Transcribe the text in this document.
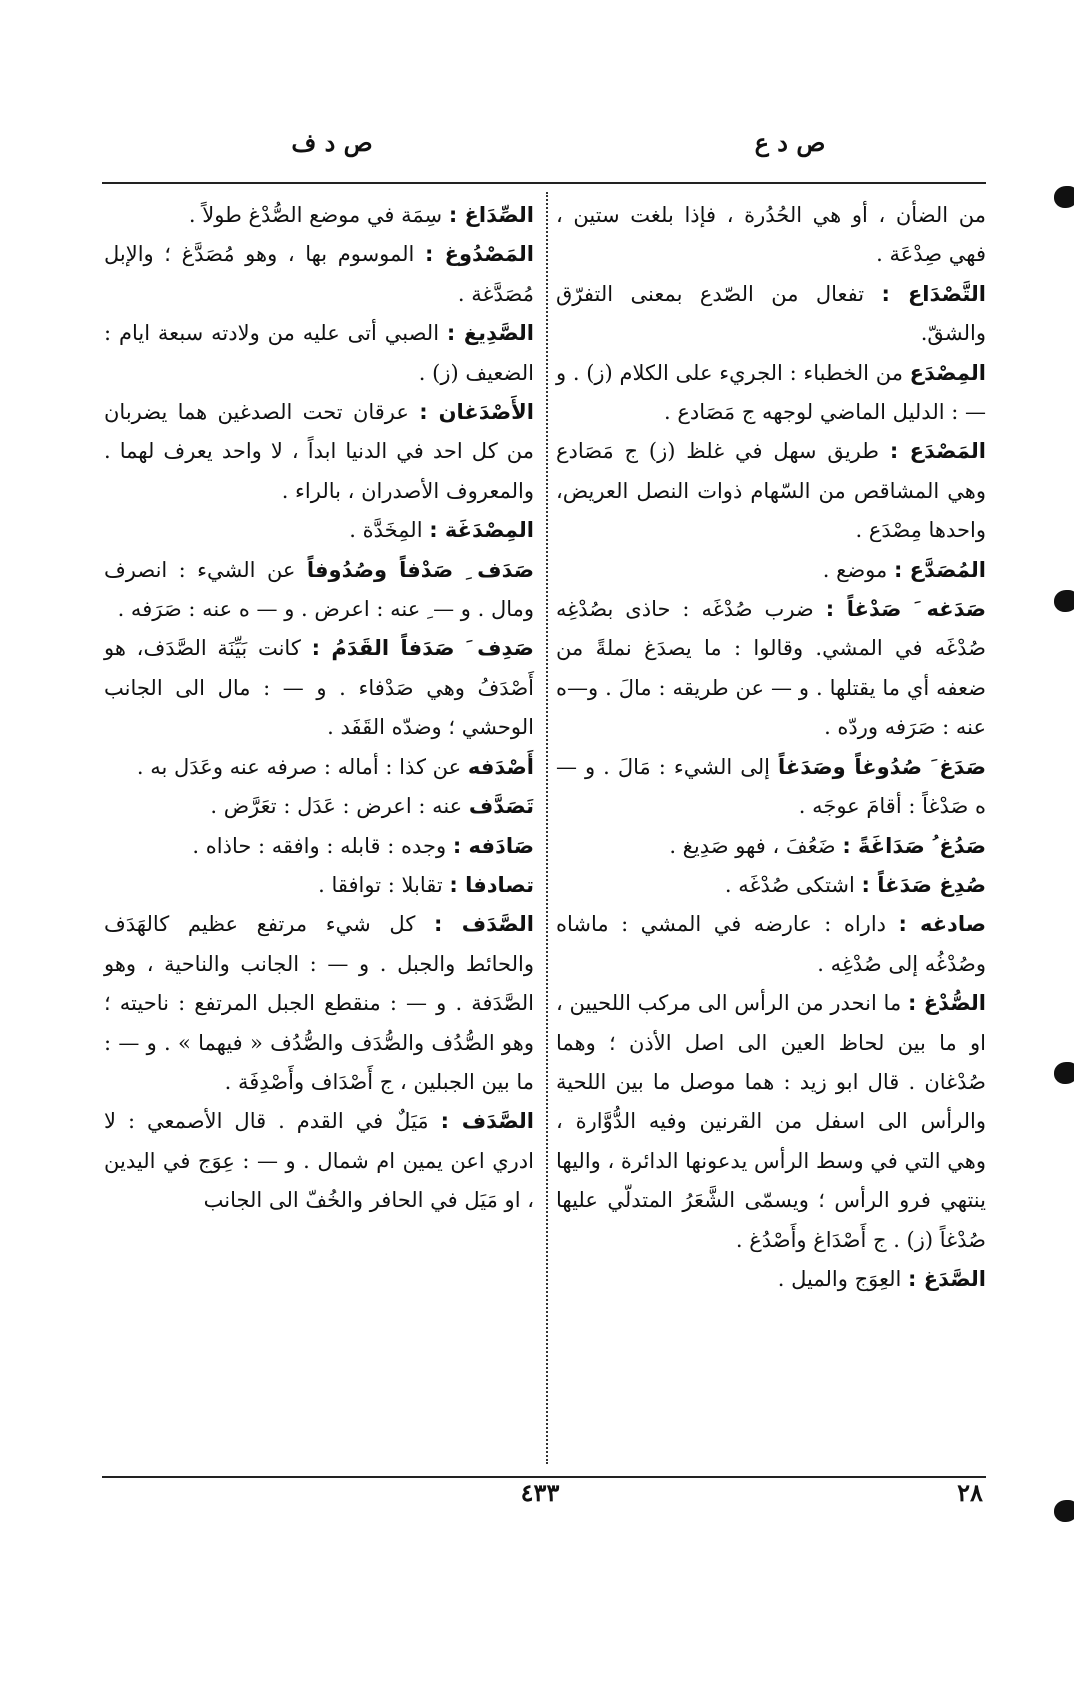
ص د ع
ص د ف

من الضأن ، أو هي الحُدُرة ، فإذا بلغت ستين ، فهي صِدْعَة .

التَّصْدَاع : تفعال من الصّدع بمعنى التفرّق والشقّ.

المِصْدَع من الخطباء : الجريء على الكلام (ز) . و — : الدليل الماضي لوجهه ج مَصَادع .

المَصْدَع : طريق سهل في غلظ (ز) ج مَصَادع وهي المشاقص من السّهام ذوات النصل العريض، واحدها مِصْدَع .

المُصَدَّع : موضع .

صَدَغه َ صَدْغاً : ضرب صُدْغَه : حاذى بصُدْغِه صُدْغَه في المشي. وقالوا : ما يصدَغ نملةً من ضعفه أي ما يقتلها . و — عن طريقه : مالَ . و—ه عنه : صَرَفه وردّه .

صَدَغ َ صُدُوغاً وصَدَغاً إلى الشيء : مَالَ . و — ه صَدْغاً : أقامَ عوجَه .

صَدُغ ُ صَدَاغَةً : ضَعُفَ ، فهو صَدِيغ .

صُدِغ صَدَغاً : اشتكى صُدْغَه .

صادغه : داراه : عارضه في المشي : ماشاه وصُدْغُه إلى صُدْغِه .

الصُّدْغ : ما انحدر من الرأس الى مركب اللحيين ، او ما بين لحاظ العين الى اصل الأذن ؛ وهما صُدْغان . قال ابو زيد : هما موصل ما بين اللحية والرأس الى اسفل من القرنين وفيه الدُّوَّارة ، وهي التي في وسط الرأس يدعونها الدائرة ، واليها ينتهي فرو الرأس ؛ ويسمّى الشَّعَرُ المتدلّي عليها صُدْغاً (ز) . ج أَصْدَاغ وأَصْدُغ .

الصَّدَغ : العِوَج والميل .

الصِّدَاغ : سِمَة في موضع الصُّدْغ طولاً .

المَصْدُوغ : الموسوم بها ، وهو مُصَدَّغ ؛ والإبل مُصَدَّغة .

الصَّدِيغ : الصبي أتى عليه من ولادته سبعة ايام : الضعيف (ز) .

الأَصْدَغان : عرقان تحت الصدغين هما يضربان من كل احد في الدنيا ابداً ، لا واحد يعرف لهما . والمعروف الأصدران ، بالراء .

المِصْدَغَة : المِخَدَّة .

صَدَف ِ صَدْفاً وصُدُوفاً عن الشيء : انصرف ومال . و — ِ عنه : اعرض . و — ه عنه : صَرَفه .

صَدِف َ صَدَفاً القَدَمُ : كانت بَيِّنَة الصَّدَف، هو أَصْدَفُ وهي صَدْفاء . و — : مال الى الجانب الوحشي ؛ وضدّه القَفَد .

أَصْدَفه عن كذا : أماله : صرفه عنه وعَدَل به .

تَصَدَّف عنه : اعرض : عَدَل : تعَرَّض .

صَادَفه : وجده : قابله : وافقه : حاذاه .

تصادفا : تقابلا : توافقا .

الصَّدَف : كل شيء مرتفع عظيم كالهَدَف والحائط والجبل . و — : الجانب والناحية ، وهو الصَّدَفة . و — : منقطع الجبل المرتفع : ناحيته ؛ وهو الصُّدُف والصُّدَف والصُّدُف « فيهما » . و — : ما بين الجبلين ، ج أَصْدَاف وأَصْدِفَة .

الصَّدَف : مَيَلٌ في القدم . قال الأصمعي : لا ادري اعن يمين ام شمال . و — : عِوَج في اليدين ، او مَيَل في الحافر والخُفّ الى الجانب

٤٣٣	٢٨
